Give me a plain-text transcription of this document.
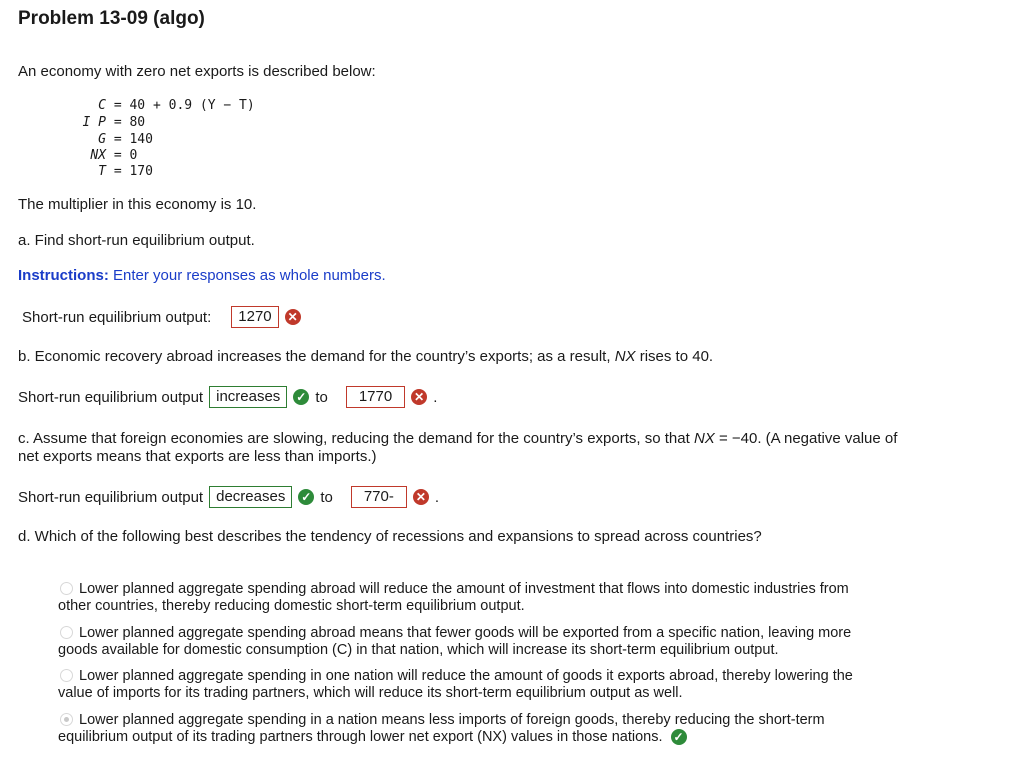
Problem 13-09 (algo)
An economy with zero net exports is described below:
C = 40 + 0.9 (Y − T)
I P = 80
G = 140
NX = 0
T = 170
The multiplier in this economy is 10.
a. Find short-run equilibrium output.
Instructions: Enter your responses as whole numbers.
Short-run equilibrium output:	1270	✕
b. Economic recovery abroad increases the demand for the country’s exports; as a result, NX rises to 40.
Short-run equilibrium output increases	✓ to	1770	✕ .
c. Assume that foreign economies are slowing, reducing the demand for the country’s exports, so that NX = −40. (A negative value of
net exports means that exports are less than imports.)
Short-run equilibrium output decreases	✓ to	770-	✕ .
d. Which of the following best describes the tendency of recessions and expansions to spread across countries?
Lower planned aggregate spending abroad will reduce the amount of investment that flows into domestic industries from
other countries, thereby reducing domestic short-term equilibrium output.
Lower planned aggregate spending abroad means that fewer goods will be exported from a specific nation, leaving more
goods available for domestic consumption (C) in that nation, which will increase its short-term equilibrium output.
Lower planned aggregate spending in one nation will reduce the amount of goods it exports abroad, thereby lowering the
value of imports for its trading partners, which will reduce its short-term equilibrium output as well.
Lower planned aggregate spending in a nation means less imports of foreign goods, thereby reducing the short-term
equilibrium output of its trading partners through lower net export (NX) values in those nations. ✓
